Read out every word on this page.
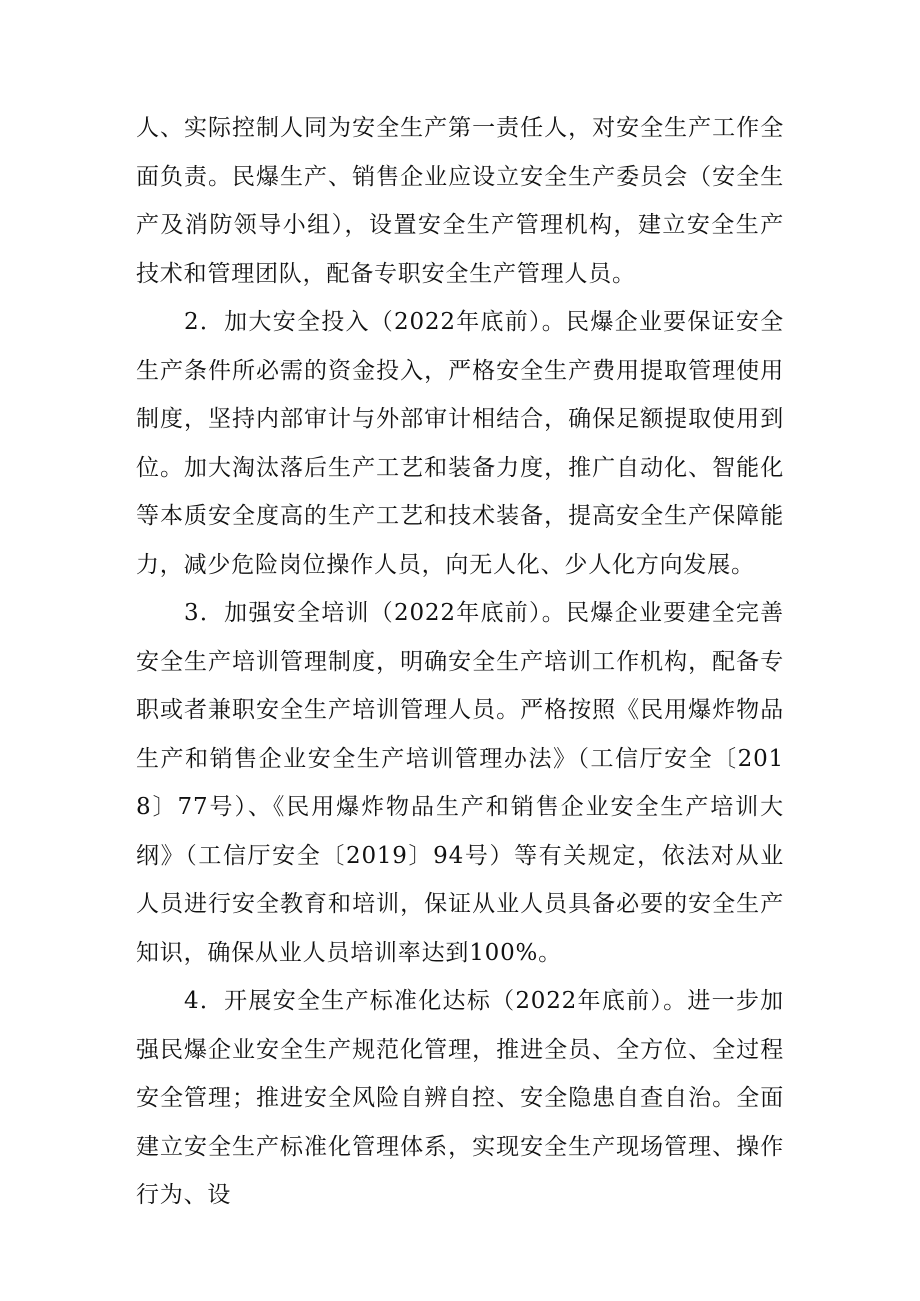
人、实际控制人同为安全生产第一责任人，对安全生产工作全面负责。民爆生产、销售企业应设立安全生产委员会（安全生产及消防领导小组），设置安全生产管理机构，建立安全生产技术和管理团队，配备专职安全生产管理人员。

2．加大安全投入（2022年底前）。民爆企业要保证安全生产条件所必需的资金投入，严格安全生产费用提取管理使用制度，坚持内部审计与外部审计相结合，确保足额提取使用到位。加大淘汰落后生产工艺和装备力度，推广自动化、智能化等本质安全度高的生产工艺和技术装备，提高安全生产保障能力，减少危险岗位操作人员，向无人化、少人化方向发展。

3．加强安全培训（2022年底前）。民爆企业要建全完善安全生产培训管理制度，明确安全生产培训工作机构，配备专职或者兼职安全生产培训管理人员。严格按照《民用爆炸物品生产和销售企业安全生产培训管理办法》（工信厅安全〔2018〕77号）、《民用爆炸物品生产和销售企业安全生产培训大纲》（工信厅安全〔2019〕94号）等有关规定，依法对从业人员进行安全教育和培训，保证从业人员具备必要的安全生产知识，确保从业人员培训率达到100%。

4．开展安全生产标准化达标（2022年底前）。进一步加强民爆企业安全生产规范化管理，推进全员、全方位、全过程安全管理；推进安全风险自辨自控、安全隐患自查自治。全面建立安全生产标准化管理体系，实现安全生产现场管理、操作行为、设
